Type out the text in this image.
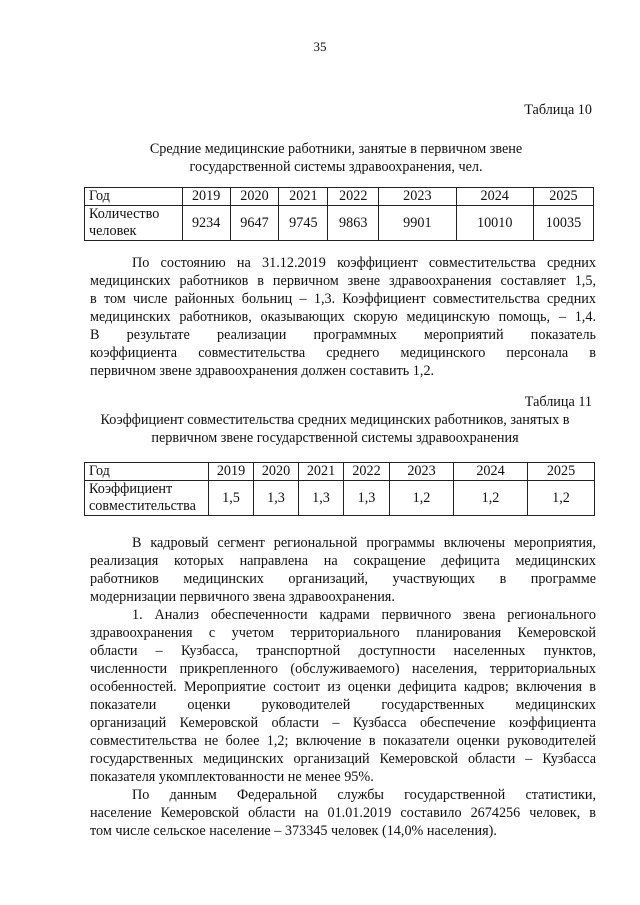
35
Таблица 10
Средние медицинские работники, занятые в первичном звене
государственной системы здравоохранения, чел.
Год	2019	2020	2021	2022	2023	2024	2025

Количество
человек	9234	9647	9745	9863	9901	10010	10035
По состоянию на 31.12.2019 коэффициент совместительства средних
медицинских работников в первичном звене здравоохранения составляет 1,5,
в том числе районных больниц – 1,3. Коэффициент совместительства средних
медицинских работников, оказывающих скорую медицинскую помощь, – 1,4.
В результате реализации программных мероприятий показатель
коэффициента совместительства среднего медицинского персонала в
первичном звене здравоохранения должен составить 1,2.
Таблица 11
Коэффициент совместительства средних медицинских работников, занятых в
первичном звене государственной системы здравоохранения
Год	2019	2020	2021	2022	2023	2024	2025

Коэффициент
совместительства	1,5	1,3	1,3	1,3	1,2	1,2	1,2
В кадровый сегмент региональной программы включены мероприятия,
реализация которых направлена на сокращение дефицита медицинских
работников медицинских организаций, участвующих в программе
модернизации первичного звена здравоохранения.
1. Анализ обеспеченности кадрами первичного звена регионального
здравоохранения с учетом территориального планирования Кемеровской
области – Кузбасса, транспортной доступности населенных пунктов,
численности прикрепленного (обслуживаемого) населения, территориальных
особенностей. Мероприятие состоит из оценки дефицита кадров; включения в
показатели оценки руководителей государственных медицинских
организаций Кемеровской области – Кузбасса обеспечение коэффициента
совместительства не более 1,2; включение в показатели оценки руководителей
государственных медицинских организаций Кемеровской области – Кузбасса
показателя укомплектованности не менее 95%.
По данным Федеральной службы государственной статистики,
население Кемеровской области на 01.01.2019 составило 2674256 человек, в
том числе сельское население – 373345 человек (14,0% населения).
